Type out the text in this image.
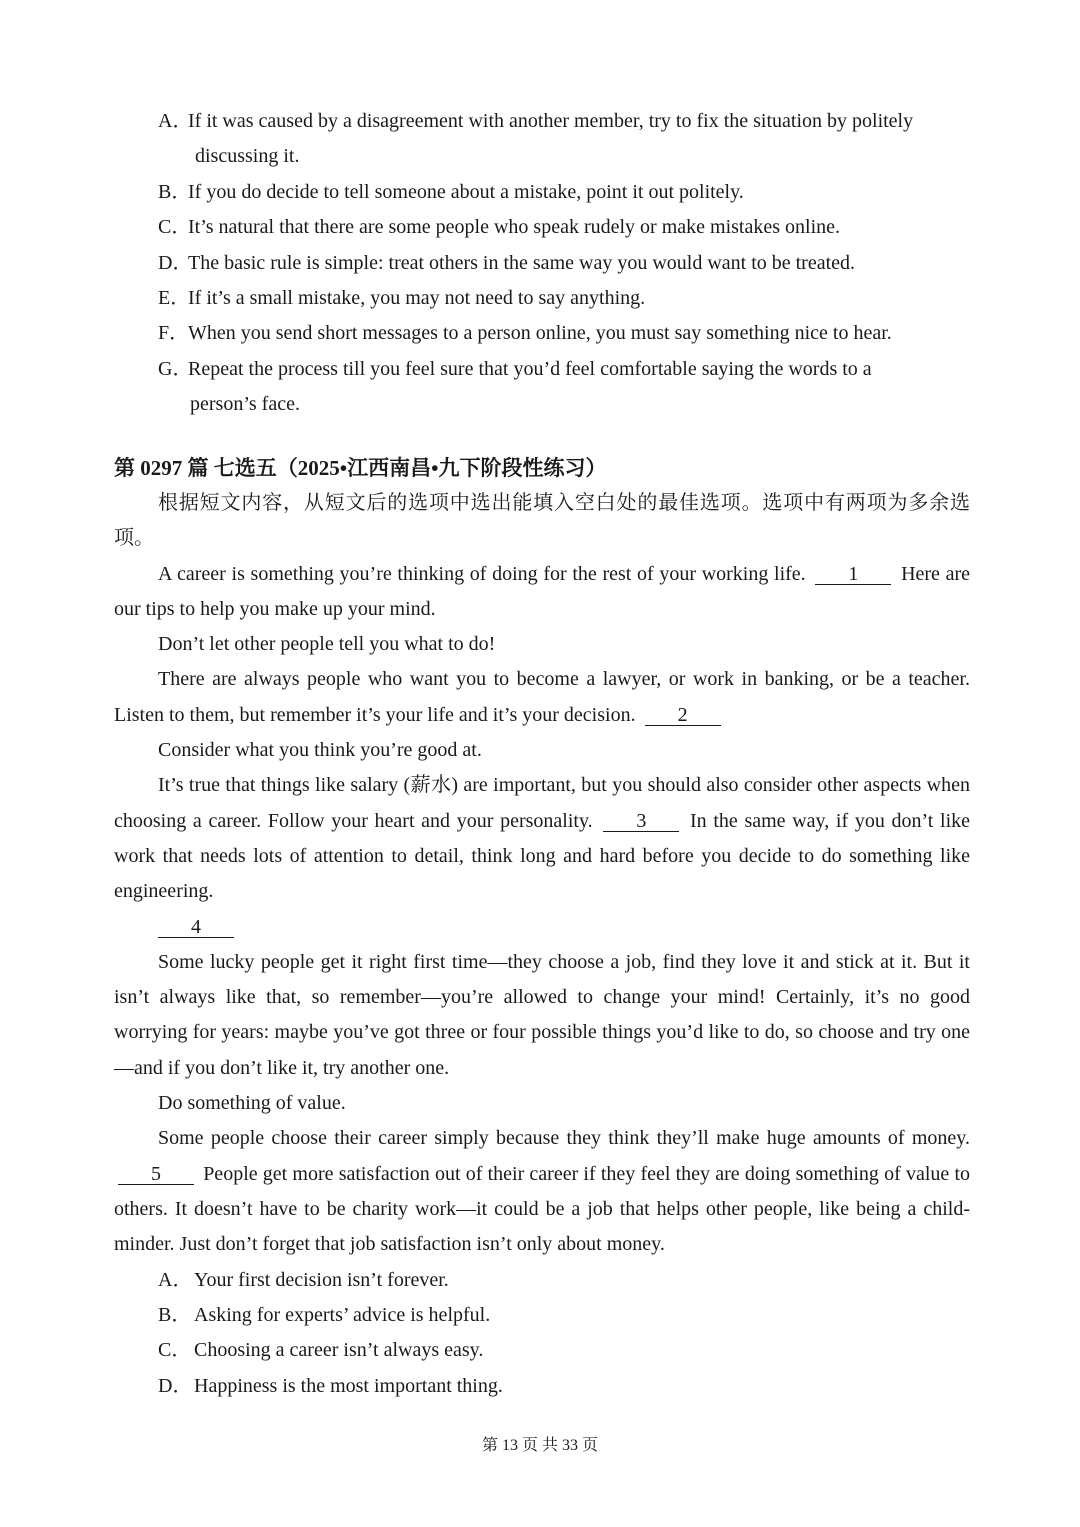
A．If it was caused by a disagreement with another member, try to fix the situation by politely
discussing it.
B．If you do decide to tell someone about a mistake, point it out politely.
C．It’s natural that there are some people who speak rudely or make mistakes online.
D．The basic rule is simple: treat others in the same way you would want to be treated.
E．If it’s a small mistake, you may not need to say anything.
F．When you send short messages to a person online, you must say something nice to hear.
G．Repeat the process till you feel sure that you’d feel comfortable saying the words to a
person’s face.

第 0297 篇 七选五（2025•江西南昌•九下阶段性练习）

根据短文内容，从短文后的选项中选出能填入空白处的最佳选项。选项中有两项为多余选项。

A career is something you’re thinking of doing for the rest of your working life. 1 Here are our tips to help you make up your mind.

Don’t let other people tell you what to do!

There are always people who want you to become a lawyer, or work in banking, or be a teacher. Listen to them, but remember it’s your life and it’s your decision. 2

Consider what you think you’re good at.

It’s true that things like salary (薪水) are important, but you should also consider other aspects when choosing a career. Follow your heart and your personality. 3 In the same way, if you don’t like work that needs lots of attention to detail, think long and hard before you decide to do something like engineering.

4

Some lucky people get it right first time—they choose a job, find they love it and stick at it. But it isn’t always like that, so remember—you’re allowed to change your mind! Certainly, it’s no good worrying for years: maybe you’ve got three or four possible things you’d like to do, so choose and try one—and if you don’t like it, try another one.

Do something of value.

Some people choose their career simply because they think they’ll make huge amounts of money. 5 People get more satisfaction out of their career if they feel they are doing something of value to others. It doesn’t have to be charity work—it could be a job that helps other people, like being a child-minder. Just don’t forget that job satisfaction isn’t only about money.

A．Your first decision isn’t forever.
B． Asking for experts’ advice is helpful.
C． Choosing a career isn’t always easy.
D．Happiness is the most important thing.
第 13 页 共 33 页
